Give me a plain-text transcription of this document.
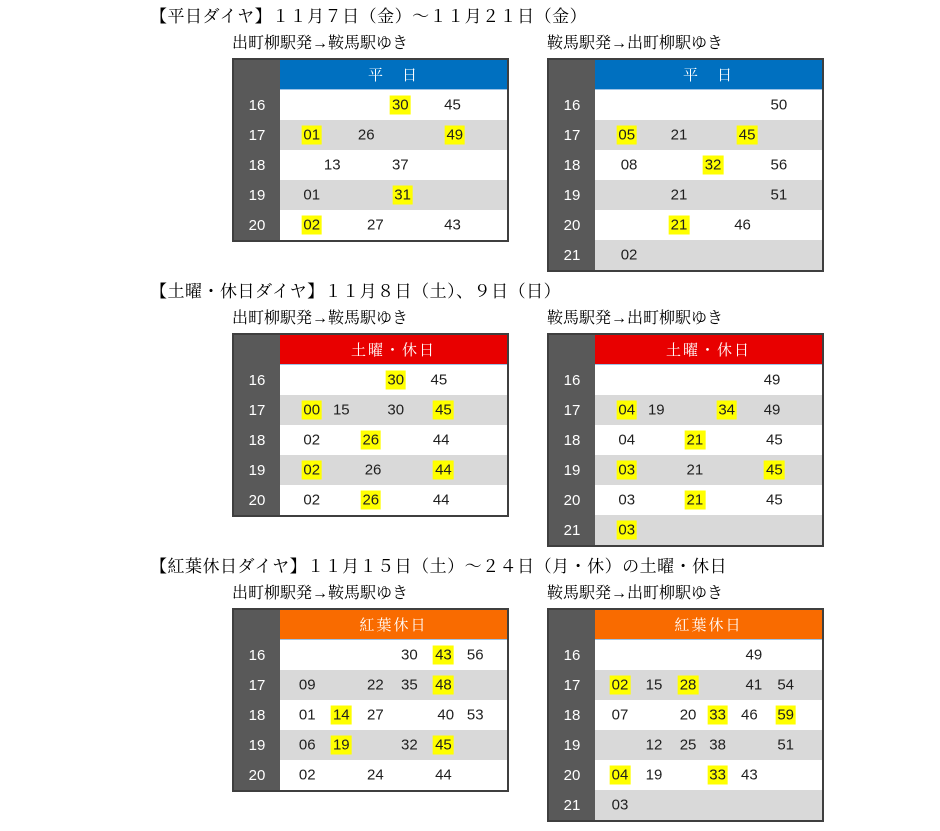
【平日ダイヤ】１１月７日（金）～１１月２１日（金）
出町柳駅発→鞍馬駅ゆき
平　日
16	30 45
17	01	26	49
18	13	37
19	01	31
20	02	27	43
鞍馬駅発→出町柳駅ゆき
平　日
16	50
17	05 21	45
18	08	32	56
19	21	51
20	21	46
21	02
【土曜・休日ダイヤ】１１月８日（土）、９日（日）
出町柳駅発→鞍馬駅ゆき
土曜・休日
16	30 45
17	00 15	30 45
18	02	26	44
19	02	26	44
20	02	26	44
鞍馬駅発→出町柳駅ゆき
土曜・休日
16	49
17	04 19	34 49
18	04	21	45
19	03	21	45
20	03	21	45
21	03
【紅葉休日ダイヤ】１１月１５日（土）～２４日（月・休）の土曜・休日
出町柳駅発→鞍馬駅ゆき
紅葉休日
16	30 43 56
17	09	22 35 48
18	01 14 27	40 53
19	06 19	32 45
20	02	24	44
鞍馬駅発→出町柳駅ゆき
紅葉休日
16	49
17	02 15 28	41 54
18	07	20 33 46 59
19	12 25 38	51
20	04 19	33 43
21	03
